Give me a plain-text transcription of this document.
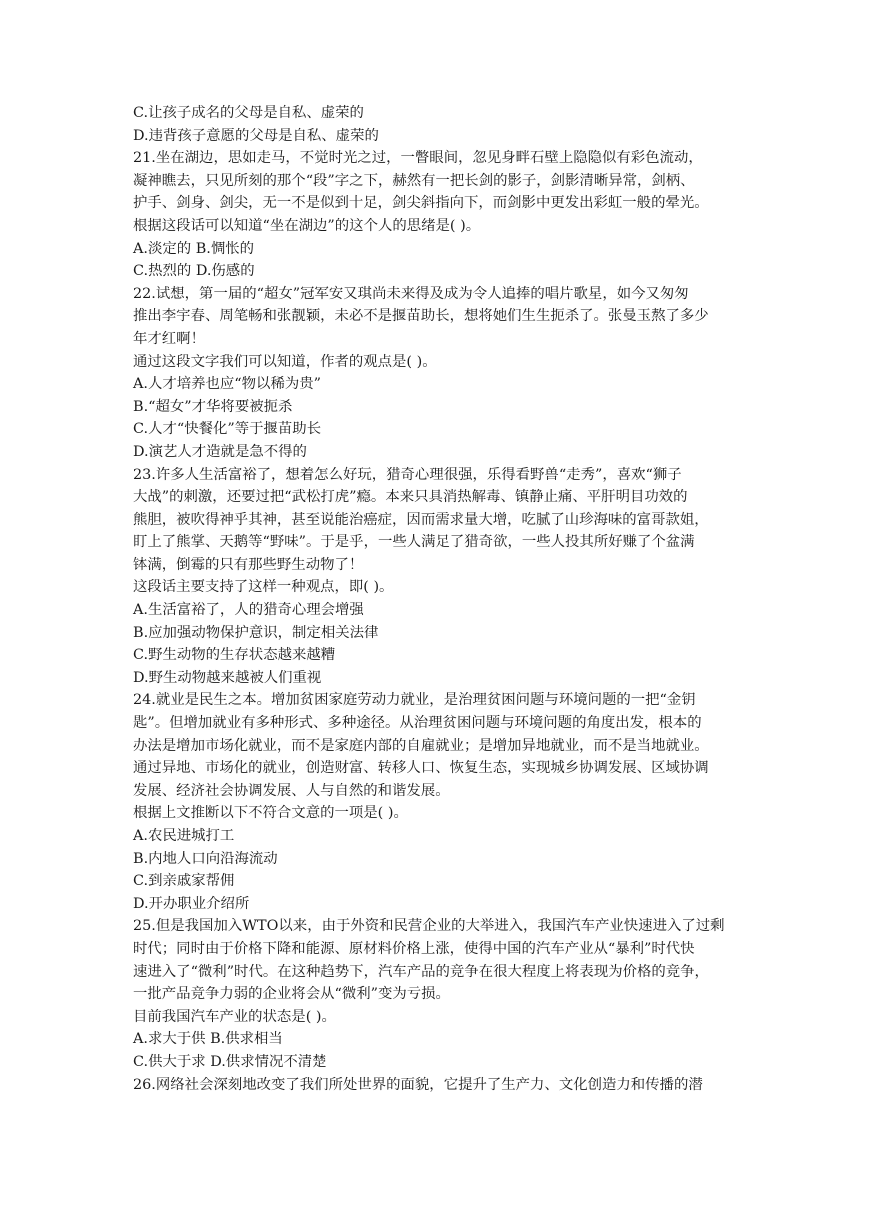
C.让孩子成名的父母是自私、虚荣的
D.违背孩子意愿的父母是自私、虚荣的
21.坐在湖边，思如走马，不觉时光之过，一瞥眼间，忽见身畔石壁上隐隐似有彩色流动，
凝神瞧去，只见所刻的那个“段”字之下，赫然有一把长剑的影子，剑影清晰异常，剑柄、
护手、剑身、剑尖，无一不是似到十足，剑尖斜指向下，而剑影中更发出彩虹一般的晕光。
根据这段话可以知道“坐在湖边”的这个人的思绪是( )。
A.淡定的 B.惆怅的
C.热烈的 D.伤感的
22.试想，第一届的“超女”冠军安又琪尚未来得及成为令人追捧的唱片歌星，如今又匆匆
推出李宇春、周笔畅和张靓颖，未必不是揠苗助长，想将她们生生扼杀了。张曼玉熬了多少
年才红啊！
通过这段文字我们可以知道，作者的观点是( )。
A.人才培养也应“物以稀为贵”
B.“超女”才华将要被扼杀
C.人才“快餐化”等于揠苗助长
D.演艺人才造就是急不得的
23.许多人生活富裕了，想着怎么好玩，猎奇心理很强，乐得看野兽“走秀”，喜欢“狮子
大战”的刺激，还要过把“武松打虎”瘾。本来只具消热解毒、镇静止痛、平肝明目功效的
熊胆，被吹得神乎其神，甚至说能治癌症，因而需求量大增，吃腻了山珍海味的富哥款姐，
盯上了熊掌、天鹅等“野味”。于是乎，一些人满足了猎奇欲，一些人投其所好赚了个盆满
钵满，倒霉的只有那些野生动物了！
这段话主要支持了这样一种观点，即( )。
A.生活富裕了，人的猎奇心理会增强
B.应加强动物保护意识，制定相关法律
C.野生动物的生存状态越来越糟
D.野生动物越来越被人们重视
24.就业是民生之本。增加贫困家庭劳动力就业，是治理贫困问题与环境问题的一把“金钥
匙”。但增加就业有多种形式、多种途径。从治理贫困问题与环境问题的角度出发，根本的
办法是增加市场化就业，而不是家庭内部的自雇就业；是增加异地就业，而不是当地就业。
通过异地、市场化的就业，创造财富、转移人口、恢复生态，实现城乡协调发展、区域协调
发展、经济社会协调发展、人与自然的和谐发展。
根据上文推断以下不符合文意的一项是( )。
A.农民进城打工
B.内地人口向沿海流动
C.到亲戚家帮佣
D.开办职业介绍所
25.但是我国加入WTO以来，由于外资和民营企业的大举进入，我国汽车产业快速进入了过剩
时代；同时由于价格下降和能源、原材料价格上涨，使得中国的汽车产业从“暴利”时代快
速进入了“微利”时代。在这种趋势下，汽车产品的竞争在很大程度上将表现为价格的竞争，
一批产品竞争力弱的企业将会从“微利”变为亏损。
目前我国汽车产业的状态是( )。
A.求大于供 B.供求相当
C.供大于求 D.供求情况不清楚
26.网络社会深刻地改变了我们所处世界的面貌，它提升了生产力、文化创造力和传播的潜
